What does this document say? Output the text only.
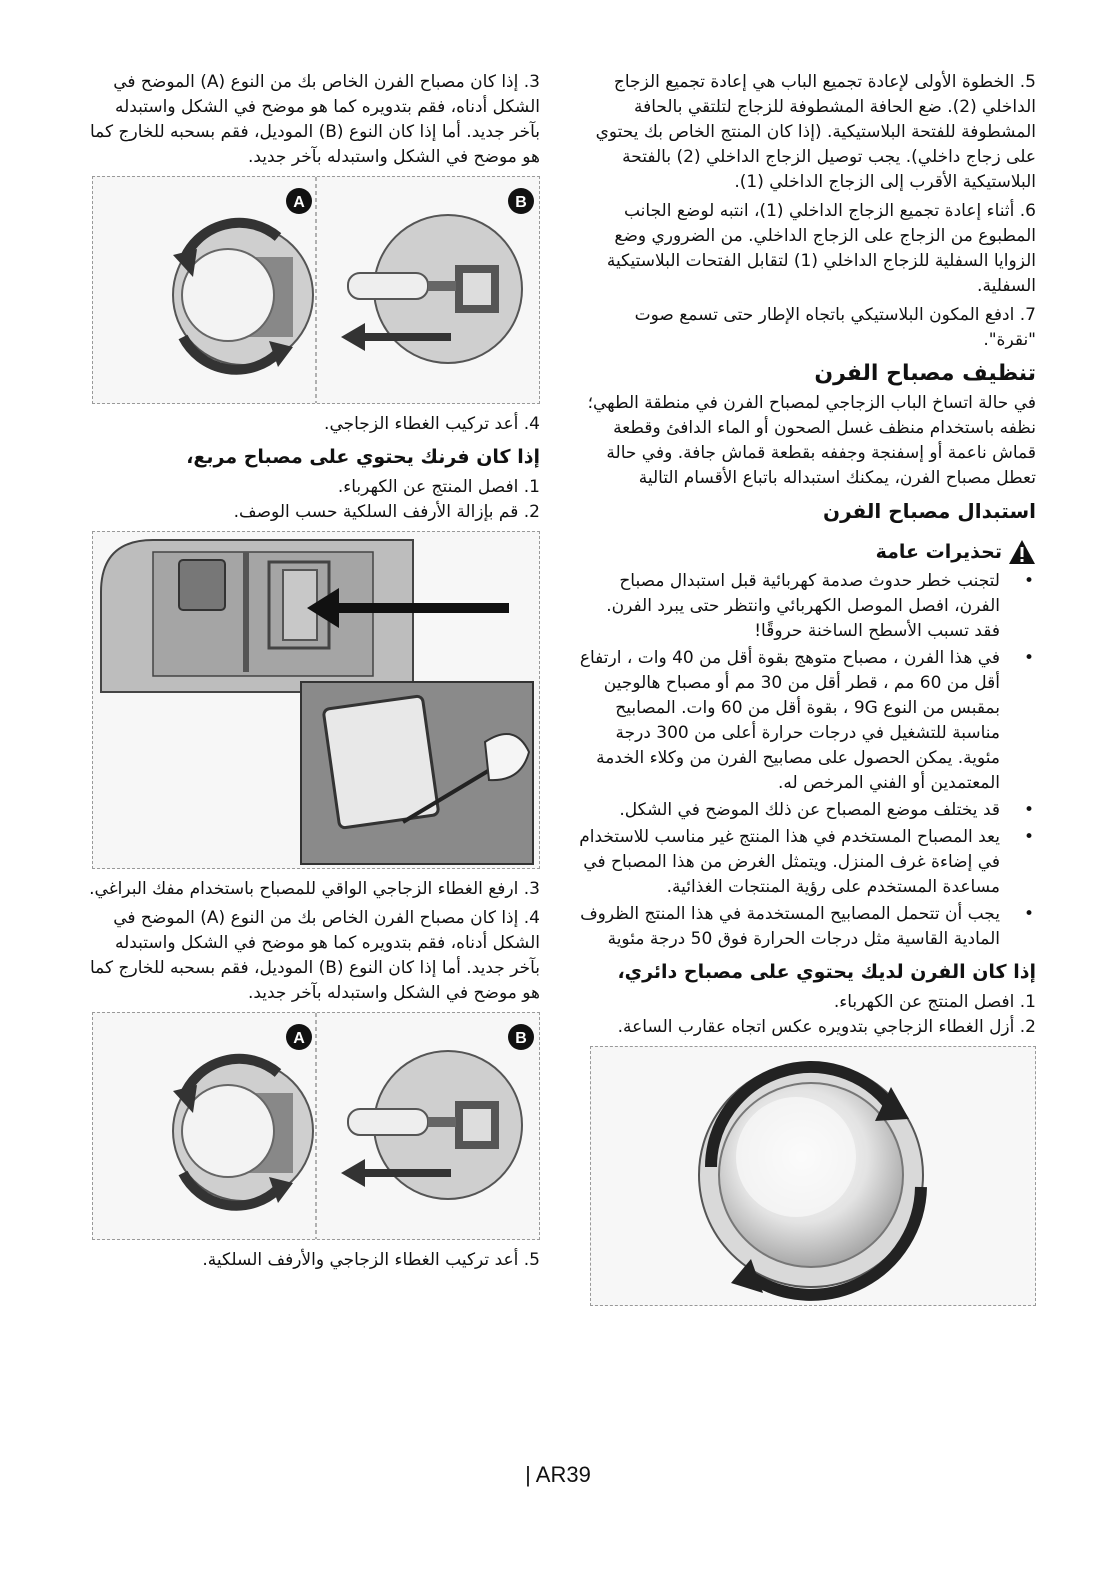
5. الخطوة الأولى لإعادة تجميع الباب هي إعادة تجميع الزجاج الداخلي (2). ضع الحافة المشطوفة للزجاج لتلتقي بالحافة المشطوفة للفتحة البلاستيكية. (إذا كان المنتج الخاص بك يحتوي على زجاج داخلي). يجب توصيل الزجاج الداخلي (2) بالفتحة البلاستيكية الأقرب إلى الزجاج الداخلي (1).

6. أثناء إعادة تجميع الزجاج الداخلي (1)، انتبه لوضع الجانب المطبوع من الزجاج على الزجاج الداخلي. من الضروري وضع الزوايا السفلية للزجاج الداخلي (1) لتقابل الفتحات البلاستيكية السفلية.

7. ادفع المكون البلاستيكي باتجاه الإطار حتى تسمع صوت "نقرة".

تنظيف مصباح الفرن

في حالة اتساخ الباب الزجاجي لمصباح الفرن في منطقة الطهي؛ نظفه باستخدام منظف غسل الصحون أو الماء الدافئ وقطعة قماش ناعمة أو إسفنجة وجففه بقطعة قماش جافة. وفي حالة تعطل مصباح الفرن، يمكنك استبداله باتباع الأقسام التالية

استبدال مصباح الفرن
تحذيرات عامة

• لتجنب خطر حدوث صدمة كهربائية قبل استبدال مصباح الفرن، افصل الموصل الكهربائي وانتظر حتى يبرد الفرن. فقد تسبب الأسطح الساخنة حروقًا!

• في هذا الفرن ، مصباح متوهج بقوة أقل من 40 وات ، ارتفاع أقل من 60 مم ، قطر أقل من 30 مم أو مصباح هالوجين بمقبس من النوع 9G ، بقوة أقل من 60 وات. المصابيح مناسبة للتشغيل في درجات حرارة أعلى من 300 درجة مئوية. يمكن الحصول على مصابيح الفرن من وكلاء الخدمة المعتمدين أو الفني المرخص له.

• قد يختلف موضع المصباح عن ذلك الموضح في الشكل.

• يعد المصباح المستخدم في هذا المنتج غير مناسب للاستخدام في إضاءة غرف المنزل. ويتمثل الغرض من هذا المصباح في مساعدة المستخدم على رؤية المنتجات الغذائية.

• يجب أن تتحمل المصابيح المستخدمة في هذا المنتج الظروف المادية القاسية مثل درجات الحرارة فوق 50 درجة مئوية

إذا كان الفرن لديك يحتوي على مصباح دائري،

1. افصل المنتج عن الكهرباء.

2. أزل الغطاء الزجاجي بتدويره عكس اتجاه عقارب الساعة.

3. إذا كان مصباح الفرن الخاص بك من النوع (A) الموضح في الشكل أدناه، فقم بتدويره كما هو موضح في الشكل واستبدله بآخر جديد. أما إذا كان النوع (B) الموديل، فقم بسحبه للخارج كما هو موضح في الشكل واستبدله بآخر جديد.

A	B

4. أعد تركيب الغطاء الزجاجي.

إذا كان فرنك يحتوي على مصباح مربع،

1. افصل المنتج عن الكهرباء.

2. قم بإزالة الأرفف السلكية حسب الوصف.

3. ارفع الغطاء الزجاجي الواقي للمصباح باستخدام مفك البراغي.

4. إذا كان مصباح الفرن الخاص بك من النوع (A) الموضح في الشكل أدناه، فقم بتدويره كما هو موضح في الشكل واستبدله بآخر جديد. أما إذا كان النوع (B) الموديل، فقم بسحبه للخارج كما هو موضح في الشكل واستبدله بآخر جديد.

A	B

5. أعد تركيب الغطاء الزجاجي والأرفف السلكية.

| AR39
